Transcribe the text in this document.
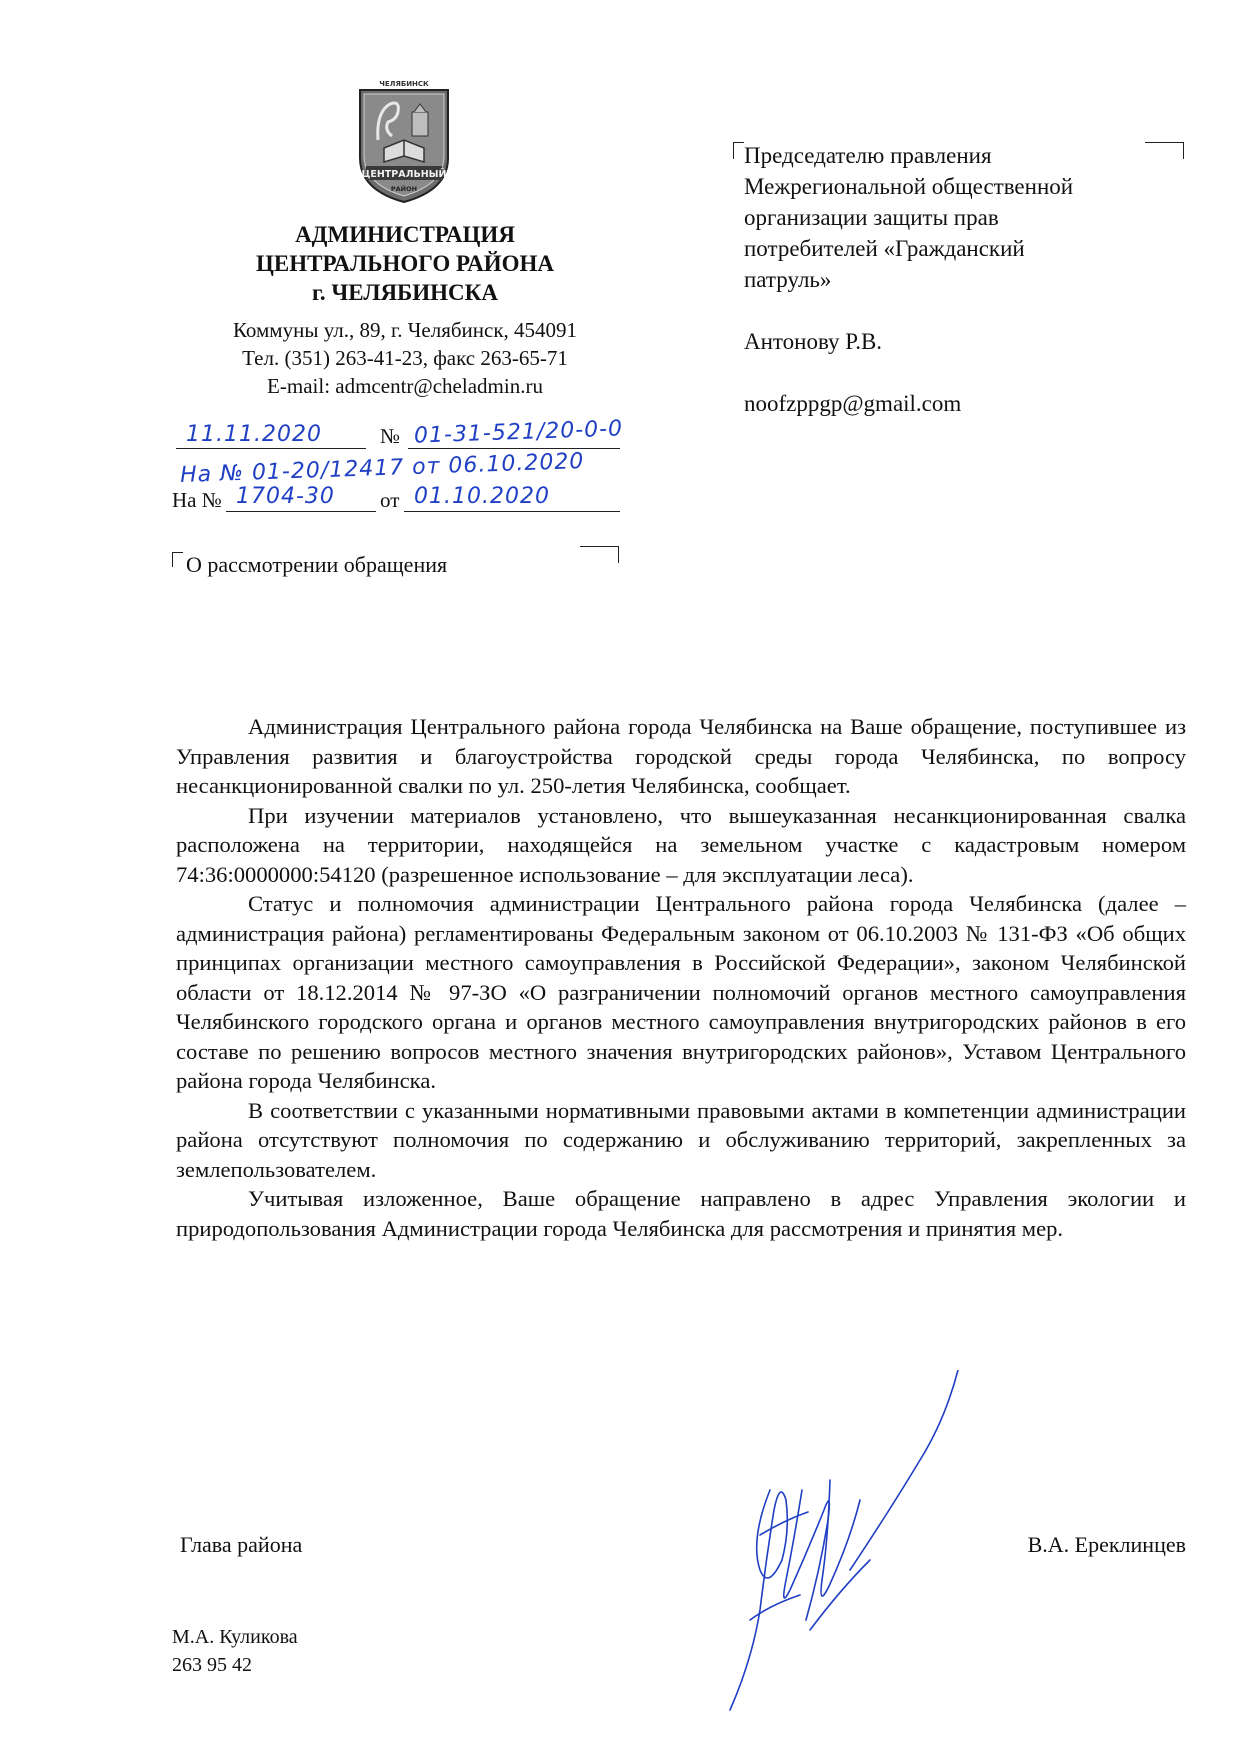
ЧЕЛЯБИНСК
ЦЕНТРАЛЬНЫЙ
РАЙОН
АДМИНИСТРАЦИЯ
ЦЕНТРАЛЬНОГО РАЙОНА
г. ЧЕЛЯБИНСКА
Коммуны ул., 89, г. Челябинск, 454091
Тел. (351) 263-41-23, факс 263-65-71
E-mail: admcentr@cheladmin.ru
11.11.2020	№ 01-31-521/20-0-0
На № 01-20/12417 от 06.10.2020
На № 1704-30 от 01.10.2020
О рассмотрении обращения
Председателю правления
Межрегиональной общественной
организации защиты прав
потребителей «Гражданский
патруль»
Антонову Р.В.
noofzppgp@gmail.com

Администрация Центрального района города Челябинска на Ваше обращение, поступившее из Управления развития и благоустройства городской среды города Челябинска, по вопросу несанкционированной свалки по ул. 250-летия Челябинска, сообщает.

При изучении материалов установлено, что вышеуказанная несанкционированная свалка расположена на территории, находящейся на земельном участке с кадастровым номером 74:36:0000000:54120 (разрешенное использование – для эксплуатации леса).

Статус и полномочия администрации Центрального района города Челябинска (далее – администрация района) регламентированы Федеральным законом от 06.10.2003 № 131-ФЗ «Об общих принципах организации местного самоуправления в Российской Федерации», законом Челябинской области от 18.12.2014 № 97-ЗО «О разграничении полномочий органов местного самоуправления Челябинского городского органа и органов местного самоуправления внутригородских районов в его составе по решению вопросов местного значения внутригородских районов», Уставом Центрального района города Челябинска.

В соответствии с указанными нормативными правовыми актами в компетенции администрации района отсутствуют полномочия по содержанию и обслуживанию территорий, закрепленных за землепользователем.

Учитывая изложенное, Ваше обращение направлено в адрес Управления экологии и природопользования Администрации города Челябинска для рассмотрения и принятия мер.

Глава района	В.А. Ереклинцев
М.А. Куликова
263 95 42
